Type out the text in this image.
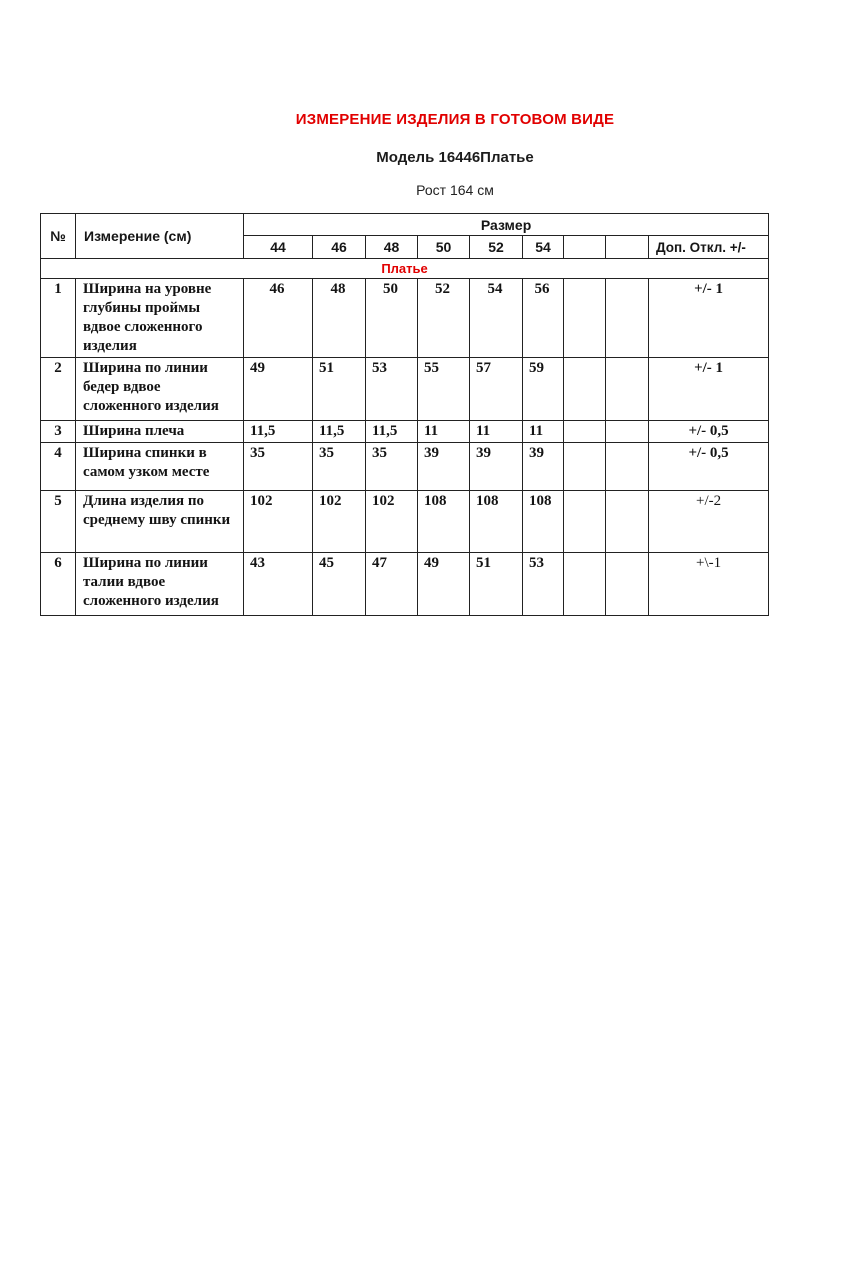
ИЗМЕРЕНИЕ ИЗДЕЛИЯ В ГОТОВОМ ВИДЕ
Модель 16446Платье
Рост 164 см
№	Измерение (см)	Размер								
		44	46	48	50	52	54			Доп. Откл. +/-
Платье										
1	Ширина на уровне глубины проймы вдвое сложенного изделия	46	48	50	52	54	56			+/- 1
2	Ширина по линии бедер вдвое сложенного изделия	49	51	53	55	57	59			+/- 1
3	Ширина плеча	11,5	11,5	11,5	11	11	11			+/- 0,5
4	Ширина спинки в самом узком месте	35	35	35	39	39	39			+/- 0,5
5	Длина изделия по среднему шву спинки	102	102	102	108	108	108			+/-2
6	Ширина по линии талии вдвое сложенного изделия	43	45	47	49	51	53			+\-1
